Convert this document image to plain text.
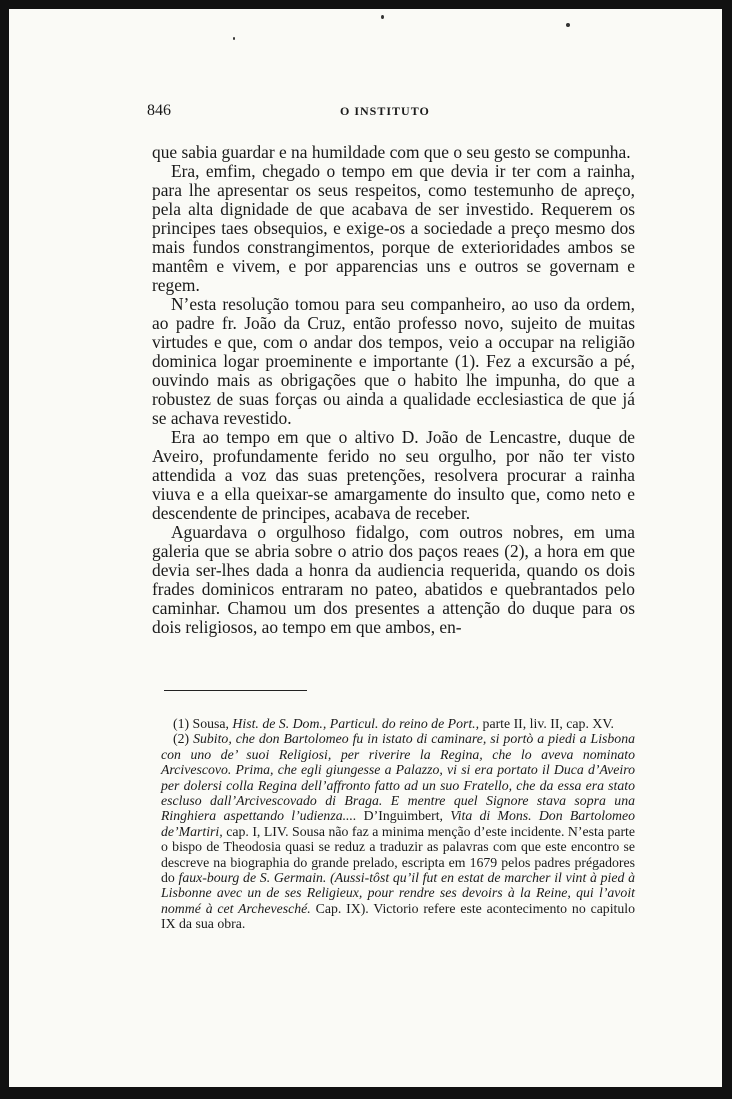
846	O INSTITUTO

que sabia guardar e na humildade com que o seu gesto se compunha.

Era, emfim, chegado o tempo em que devia ir ter com a rainha, para lhe apresentar os seus respeitos, como testemunho de apreço, pela alta dignidade de que acabava de ser investido. Requerem os principes taes obsequios, e exige-os a sociedade a preço mesmo dos mais fundos constrangimentos, porque de exterioridades ambos se mantêm e vivem, e por apparencias uns e outros se governam e regem.

N’esta resolução tomou para seu companheiro, ao uso da ordem, ao padre fr. João da Cruz, então professo novo, sujeito de muitas virtudes e que, com o andar dos tempos, veio a occupar na religião dominica logar proeminente e importante (1). Fez a excursão a pé, ouvindo mais as obrigações que o habito lhe impunha, do que a robustez de suas forças ou ainda a qualidade ecclesiastica de que já se achava revestido.

Era ao tempo em que o altivo D. João de Lencastre, duque de Aveiro, profundamente ferido no seu orgulho, por não ter visto attendida a voz das suas pretenções, resolvera procurar a rainha viuva e a ella queixar-se amargamente do insulto que, como neto e descendente de principes, acabava de receber.

Aguardava o orgulhoso fidalgo, com outros nobres, em uma galeria que se abria sobre o atrio dos paços reaes (2), a hora em que devia ser-lhes dada a honra da audiencia requerida, quando os dois frades dominicos entraram no pateo, abatidos e quebrantados pelo caminhar. Chamou um dos presentes a attenção do duque para os dois religiosos, ao tempo em que ambos, en-

(1) Sousa, Hist. de S. Dom., Particul. do reino de Port., parte II, liv. II, cap. XV.

(2) Subito, che don Bartolomeo fu in istato di caminare, si portò a piedi a Lisbona con uno de’ suoi Religiosi, per riverire la Regina, che lo aveva nominato Arcivescovo. Prima, che egli giungesse a Palazzo, vi si era portato il Duca d’Aveiro per dolersi colla Regina dell’affronto fatto ad un suo Fratello, che da essa era stato escluso dall’Arcivescovado di Braga. E mentre quel Signore stava sopra una Ringhiera aspettando l’udienza.... D’Inguimbert, Vita di Mons. Don Bartolomeo de’Martiri, cap. I, LIV. Sousa não faz a minima menção d’este incidente. N’esta parte o bispo de Theodosia quasi se reduz a traduzir as palavras com que este encontro se descreve na biographia do grande prelado, escripta em 1679 pelos padres prégadores do faux-bourg de S. Germain. (Aussi-tôst qu’il fut en estat de marcher il vint à pied à Lisbonne avec un de ses Religieux, pour rendre ses devoirs à la Reine, qui l’avoit nommé à cet Archevesché. Cap. IX). Victorio refere este acontecimento no capitulo IX da sua obra.
